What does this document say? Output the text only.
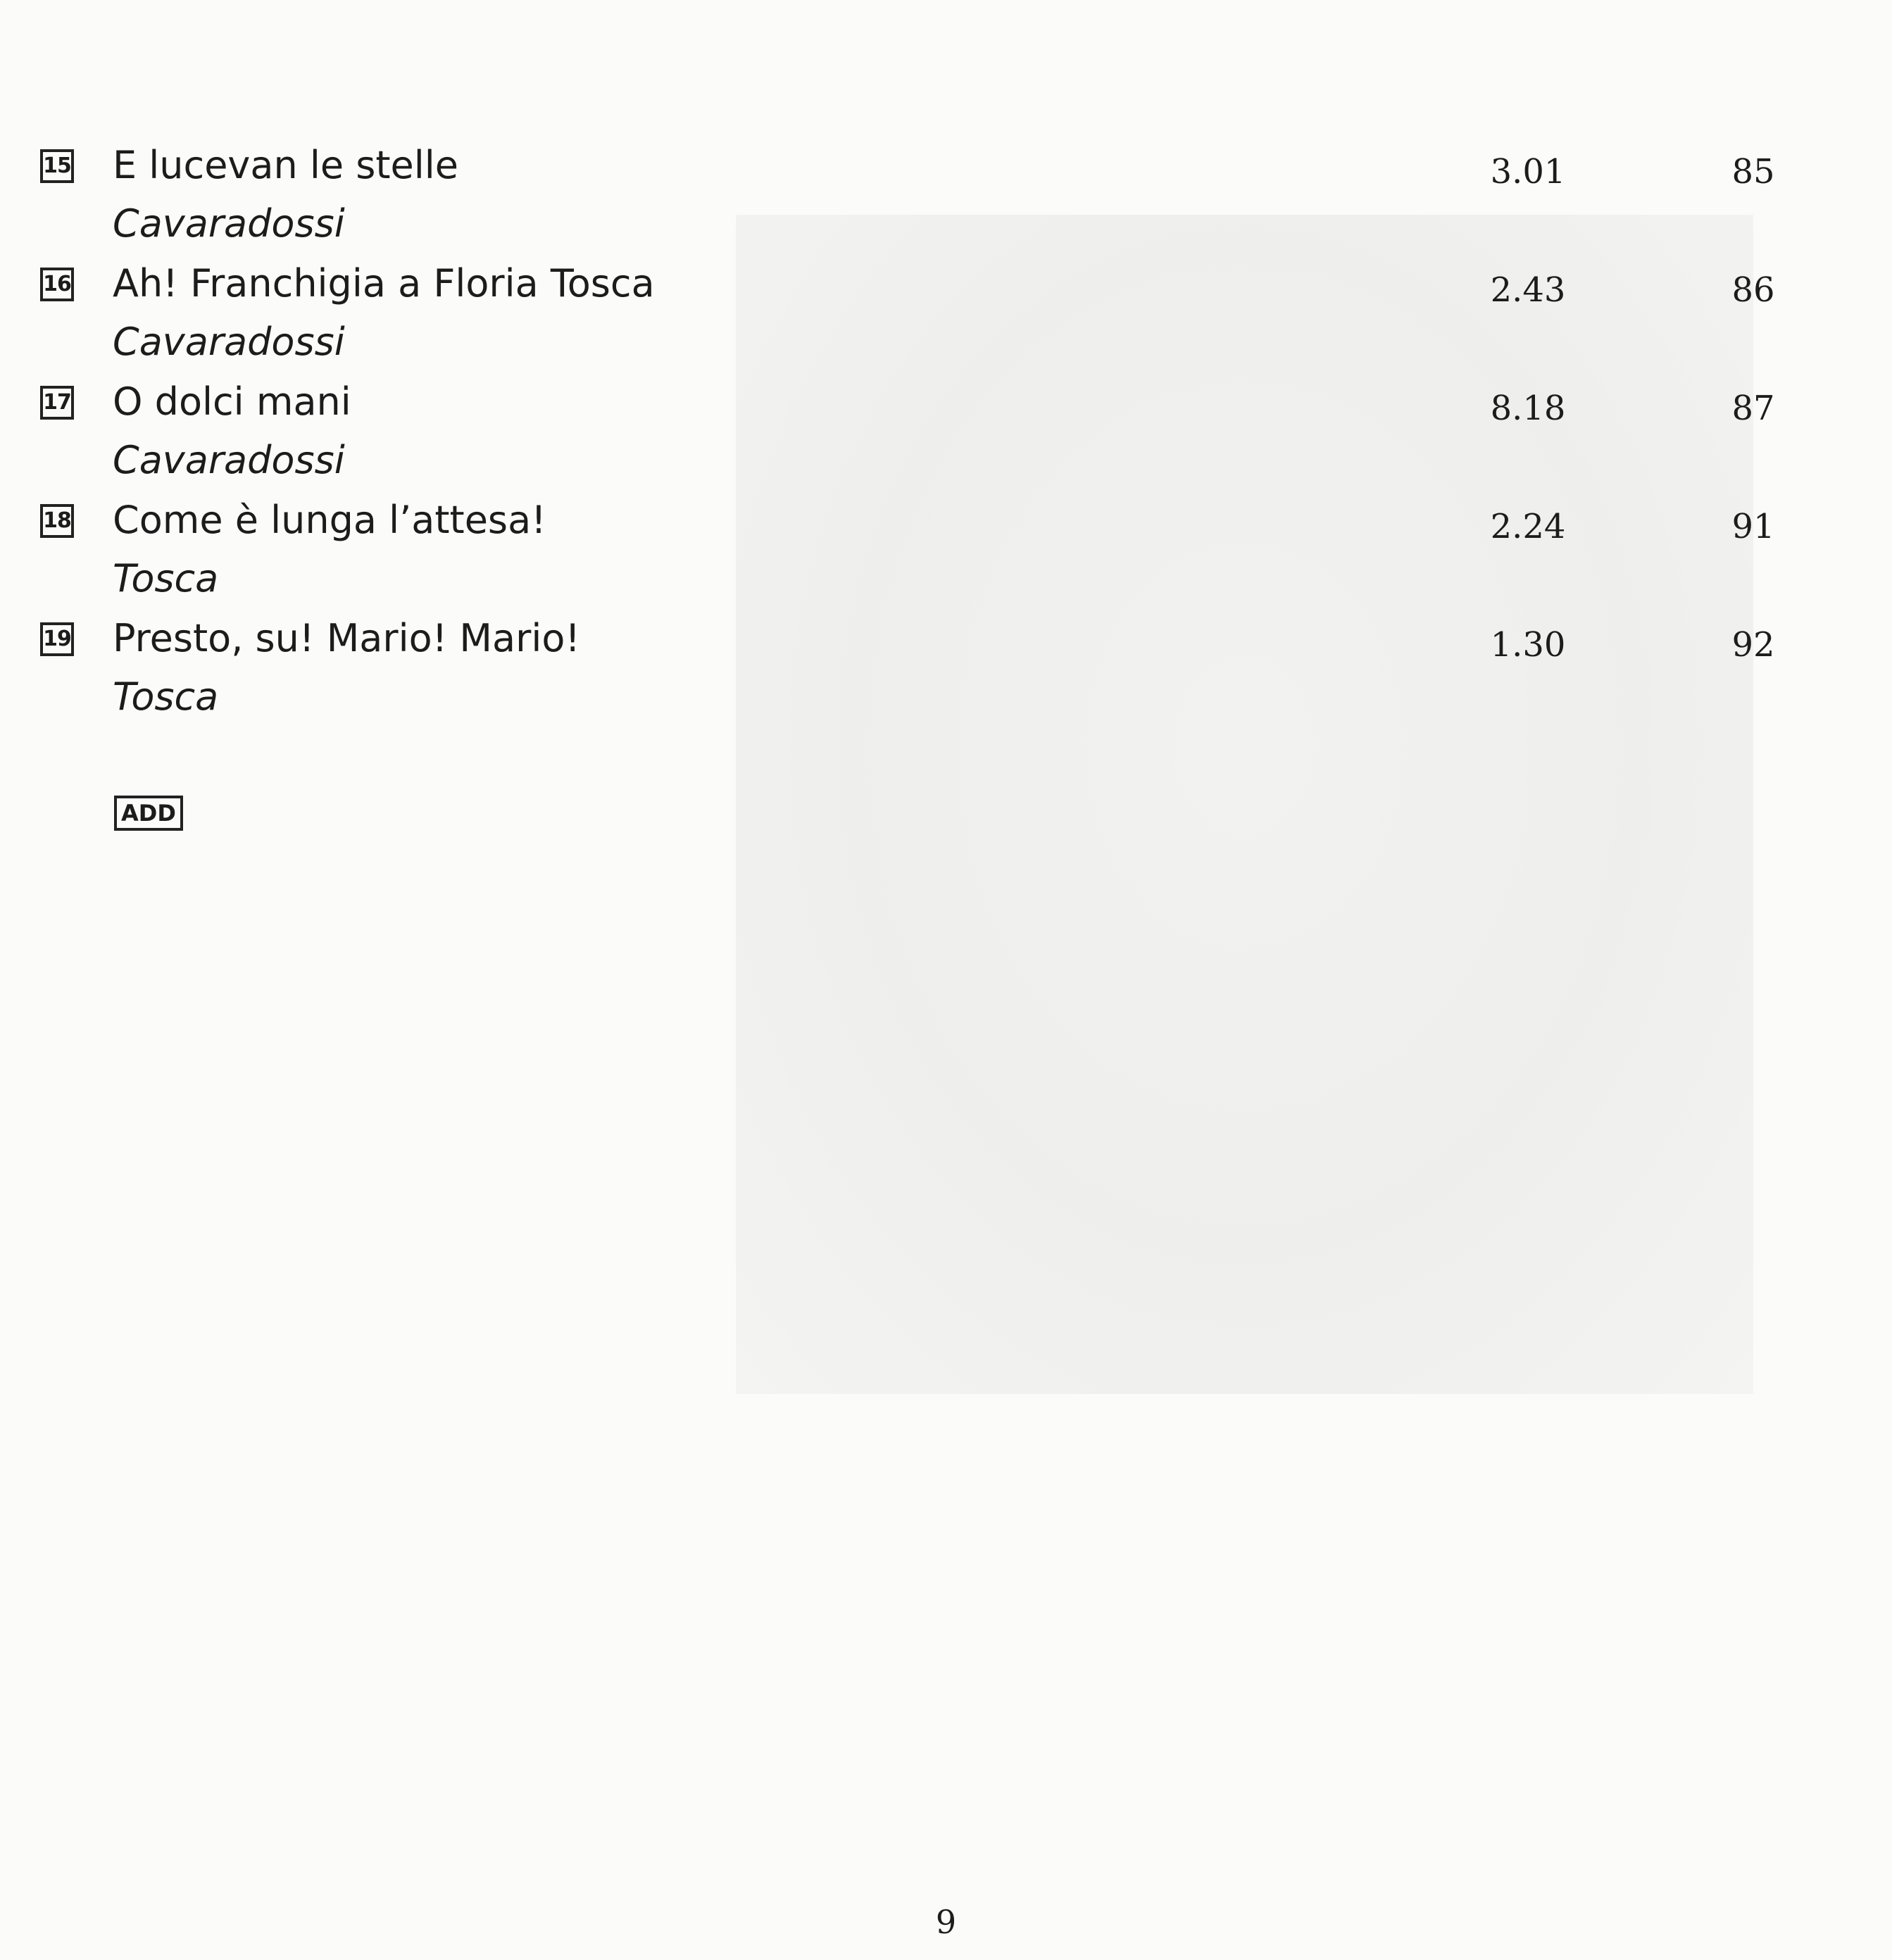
15 E lucevan le stelle
Cavaradossi
3.01	85
16 Ah! Franchigia a Floria Tosca
Cavaradossi
2.43	86
17 O dolci mani
Cavaradossi
8.18	87
18 Come è lunga l’attesa!
Tosca
2.24	91
19 Presto, su! Mario! Mario!
Tosca
1.30	92
ADD
9
